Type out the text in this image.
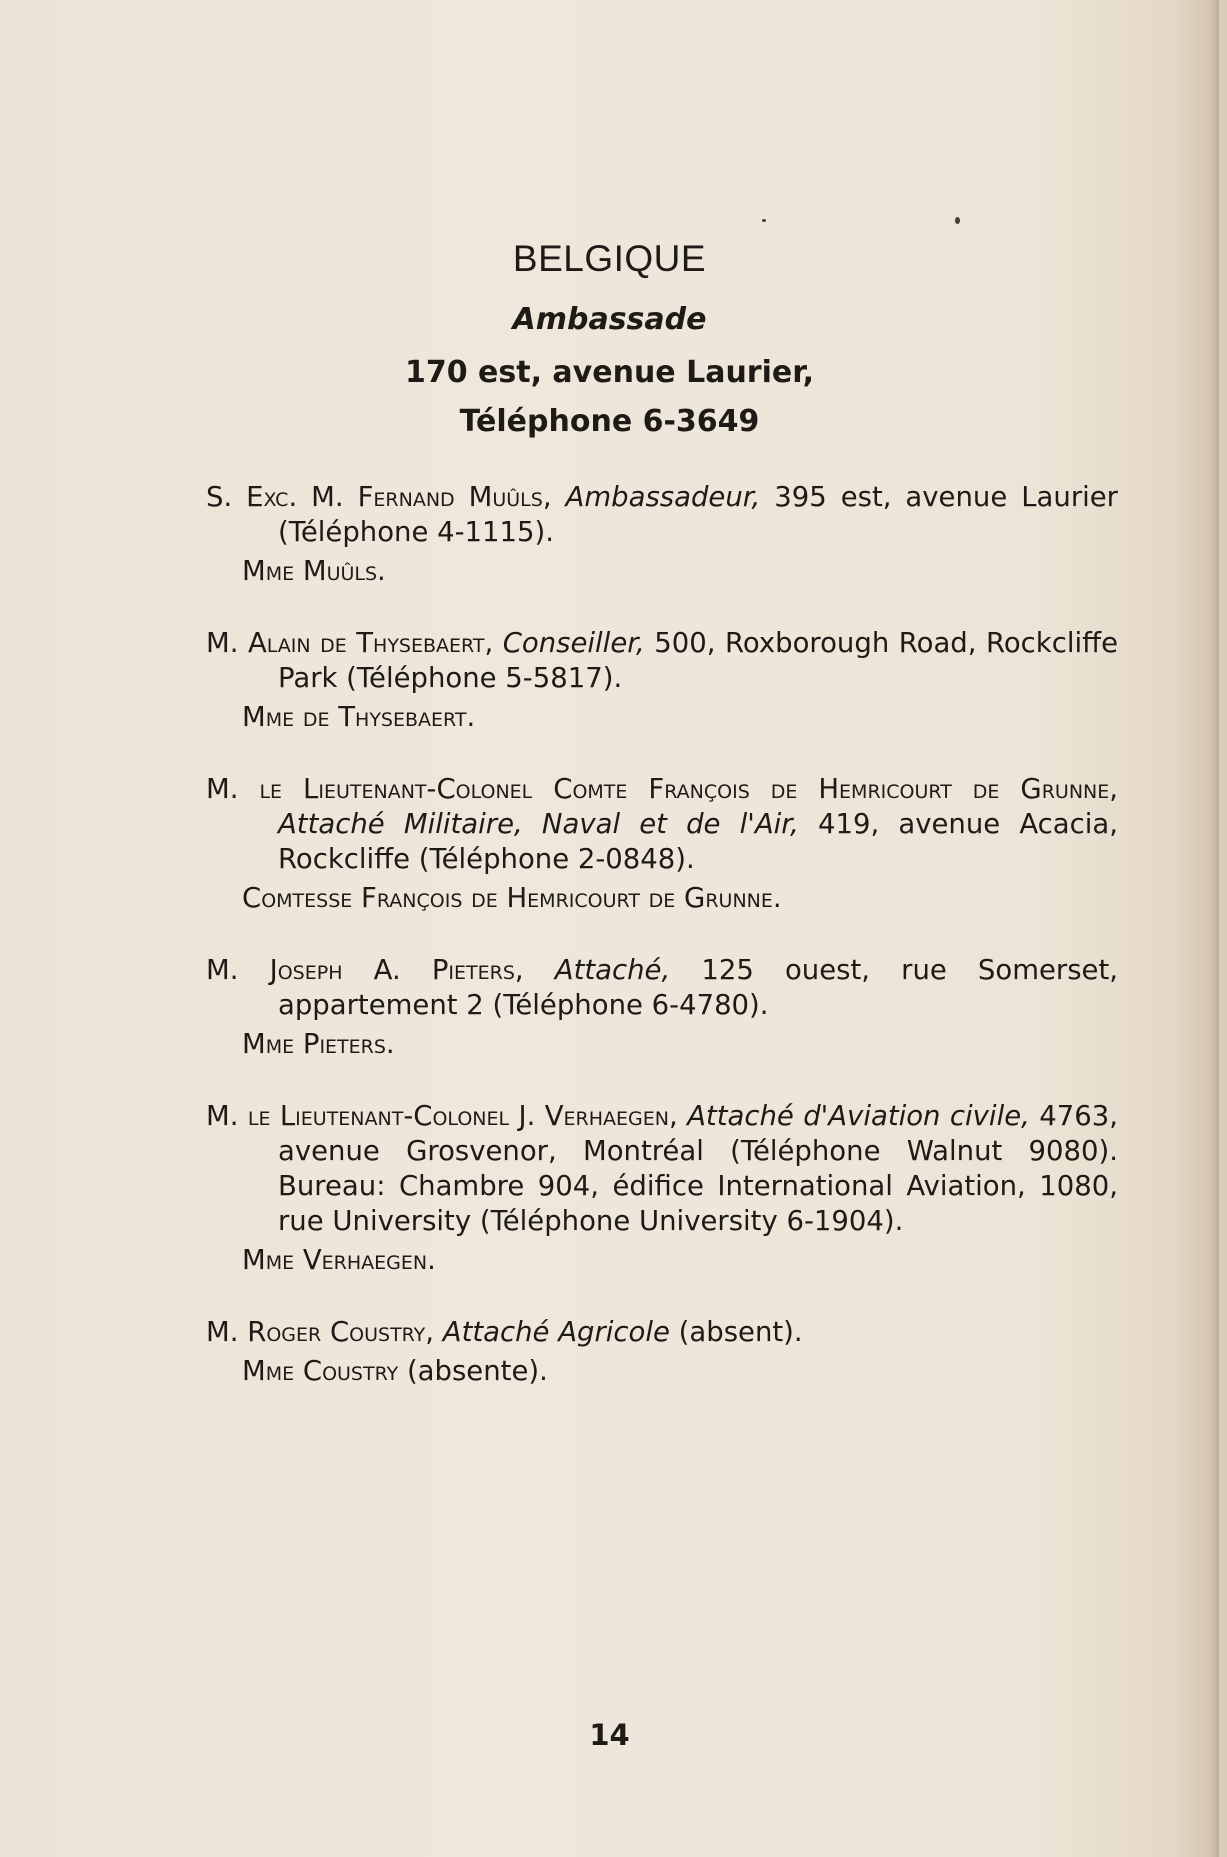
BELGIQUE
Ambassade
170 est, avenue Laurier,
Téléphone 6-3649

S. Exc. M. Fernand Muûls, Ambassadeur, 395 est, avenue Laurier (Téléphone 4-1115).

Mme Muûls.

M. Alain de Thysebaert, Conseiller, 500, Roxborough Road, Rockcliffe Park (Téléphone 5-5817).

Mme de Thysebaert.

M. le Lieutenant-Colonel Comte François de Hemricourt de Grunne, Attaché Militaire, Naval et de l'Air, 419, avenue Acacia, Rockcliffe (Téléphone 2-0848).

Comtesse François de Hemricourt de Grunne.

M. Joseph A. Pieters, Attaché, 125 ouest, rue Somerset, appartement 2 (Téléphone 6-4780).

Mme Pieters.

M. le Lieutenant-Colonel J. Verhaegen, Attaché d'Aviation civile, 4763, avenue Grosvenor, Montréal (Téléphone Walnut 9080). Bureau: Chambre 904, édifice International Aviation, 1080, rue University (Téléphone University 6-1904).

Mme Verhaegen.

M. Roger Coustry, Attaché Agricole (absent).

Mme Coustry (absente).

14
